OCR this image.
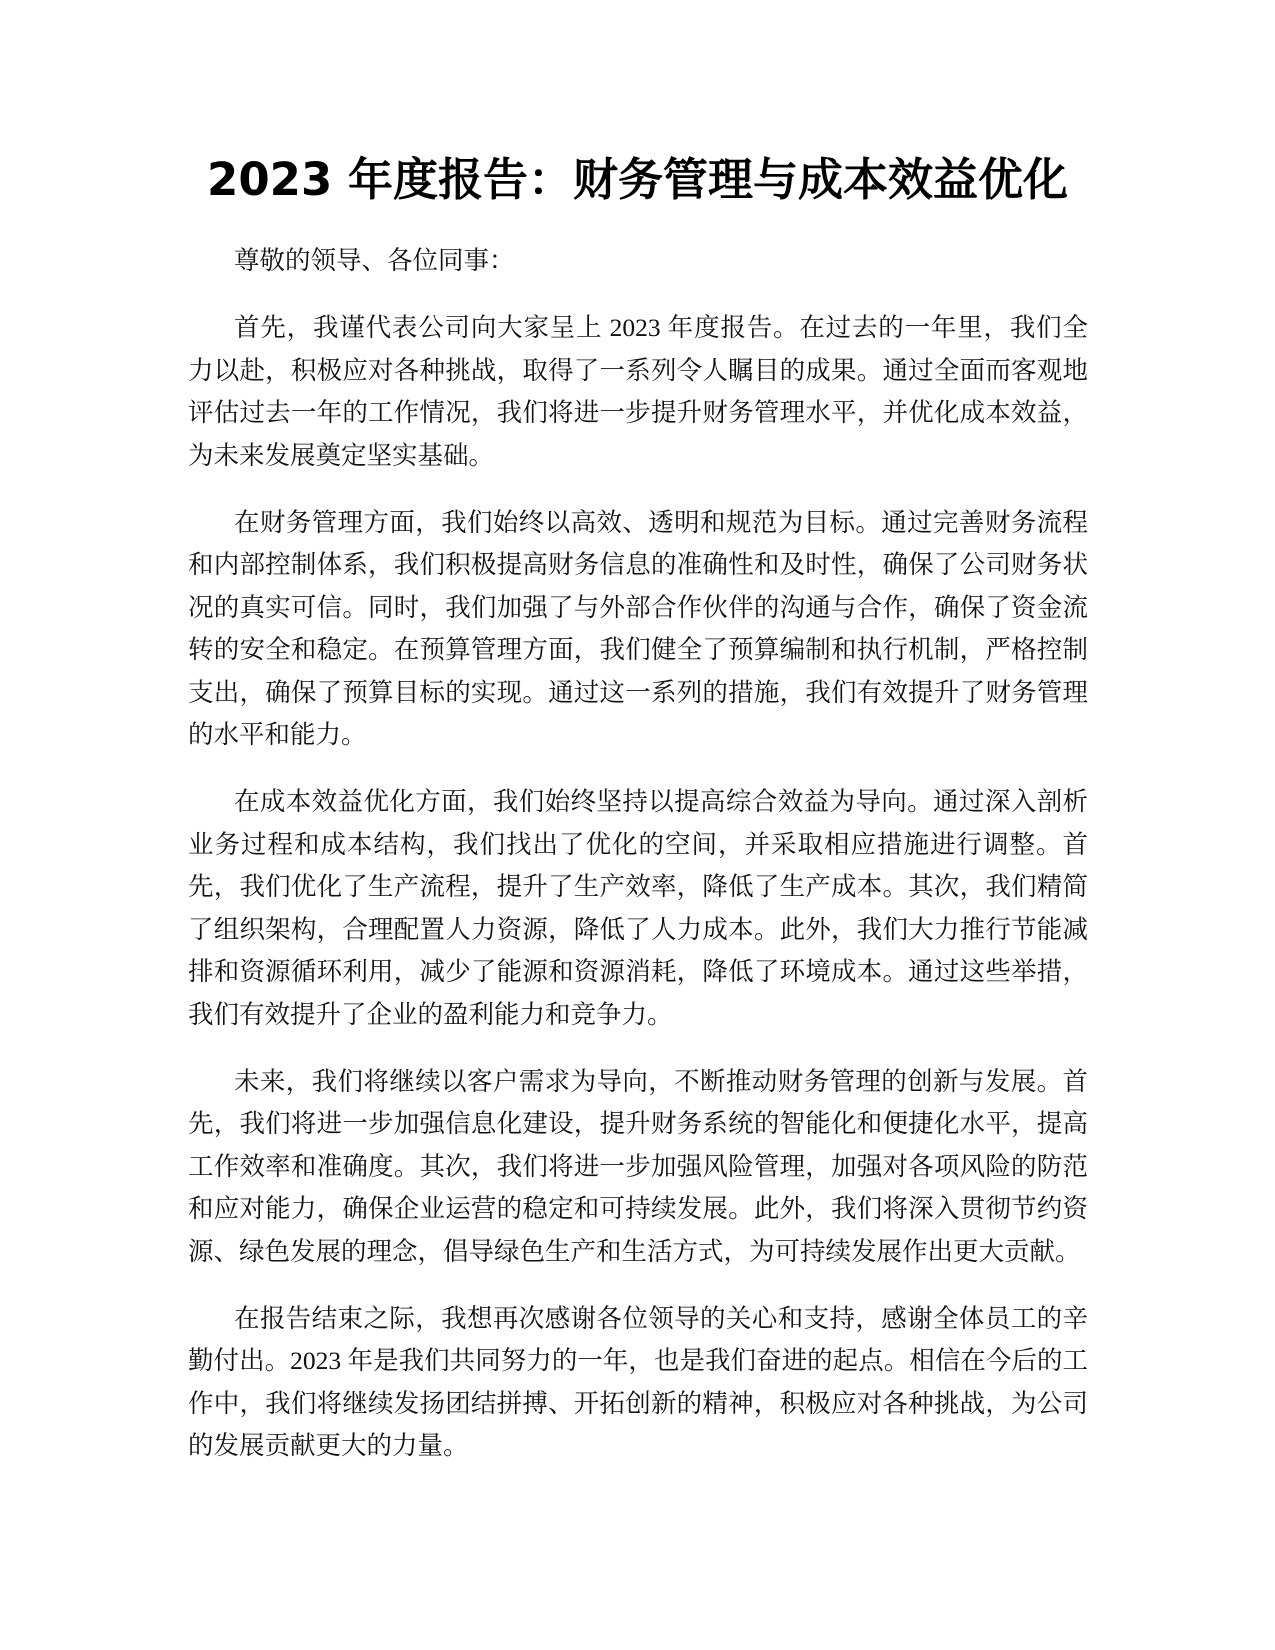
2023 年度报告：财务管理与成本效益优化

尊敬的领导、各位同事：

首先，我谨代表公司向大家呈上 2023 年度报告。在过去的一年里，我们全力以赴，积极应对各种挑战，取得了一系列令人瞩目的成果。通过全面而客观地评估过去一年的工作情况，我们将进一步提升财务管理水平，并优化成本效益，为未来发展奠定坚实基础。

在财务管理方面，我们始终以高效、透明和规范为目标。通过完善财务流程和内部控制体系，我们积极提高财务信息的准确性和及时性，确保了公司财务状况的真实可信。同时，我们加强了与外部合作伙伴的沟通与合作，确保了资金流转的安全和稳定。在预算管理方面，我们健全了预算编制和执行机制，严格控制支出，确保了预算目标的实现。通过这一系列的措施，我们有效提升了财务管理的水平和能力。

在成本效益优化方面，我们始终坚持以提高综合效益为导向。通过深入剖析业务过程和成本结构，我们找出了优化的空间，并采取相应措施进行调整。首先，我们优化了生产流程，提升了生产效率，降低了生产成本。其次，我们精简了组织架构，合理配置人力资源，降低了人力成本。此外，我们大力推行节能减排和资源循环利用，减少了能源和资源消耗，降低了环境成本。通过这些举措，我们有效提升了企业的盈利能力和竞争力。

未来，我们将继续以客户需求为导向，不断推动财务管理的创新与发展。首先，我们将进一步加强信息化建设，提升财务系统的智能化和便捷化水平，提高工作效率和准确度。其次，我们将进一步加强风险管理，加强对各项风险的防范和应对能力，确保企业运营的稳定和可持续发展。此外，我们将深入贯彻节约资源、绿色发展的理念，倡导绿色生产和生活方式，为可持续发展作出更大贡献。

在报告结束之际，我想再次感谢各位领导的关心和支持，感谢全体员工的辛勤付出。2023 年是我们共同努力的一年，也是我们奋进的起点。相信在今后的工作中，我们将继续发扬团结拼搏、开拓创新的精神，积极应对各种挑战，为公司的发展贡献更大的力量。
